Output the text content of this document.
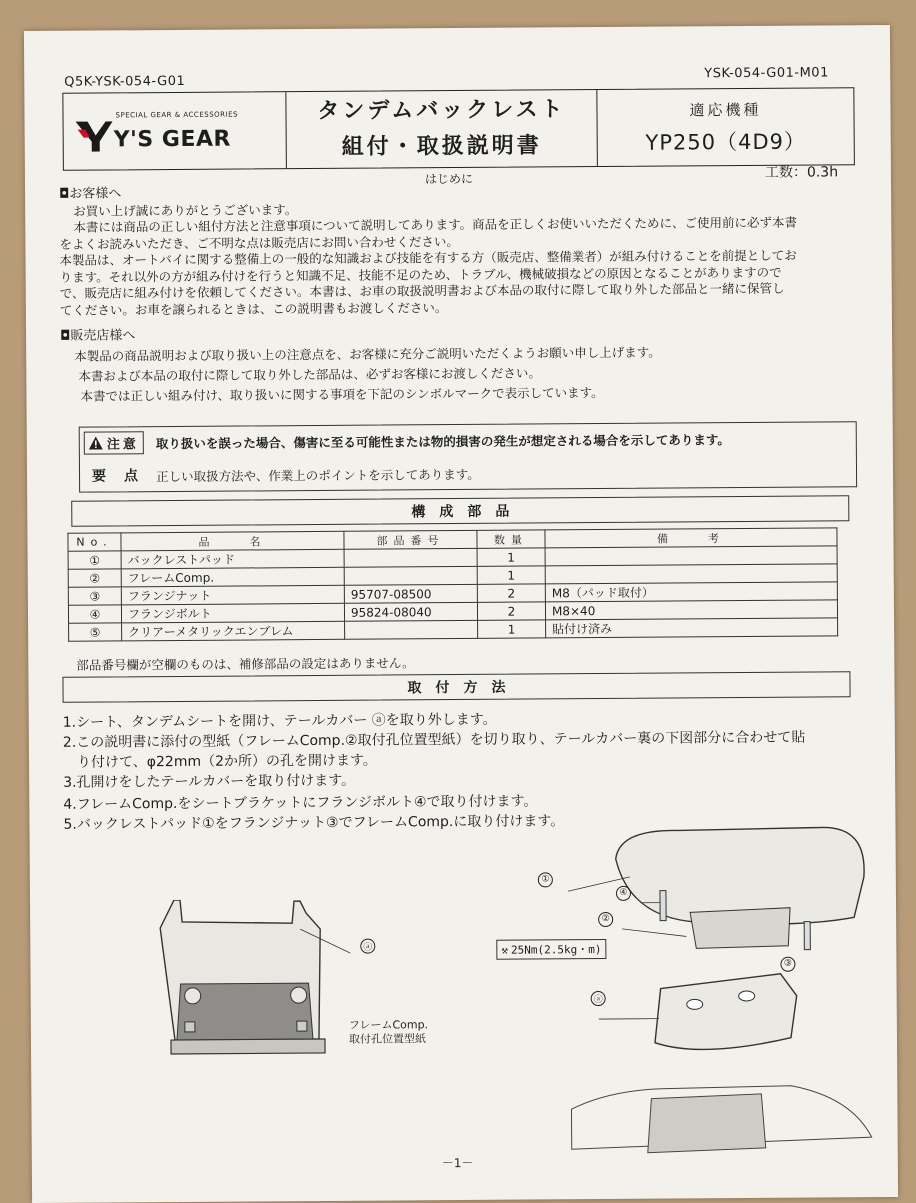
Q5K-YSK-054-G01
YSK-054-G01-M01
SPECIAL GEAR & ACCESSORIES
Y'S GEAR
タンデムバックレスト
組付・取扱説明書
適応機種
YP250（4D9）
はじめに	工数：0.3h
◘お客様へ
お買い上げ誠にありがとうございます。
本書には商品の正しい組付方法と注意事項について説明してあります。商品を正しくお使いいただくために、ご使用前に必ず本書
をよくお読みいただき、ご不明な点は販売店にお問い合わせください。
本製品は、オートバイに関する整備上の一般的な知識および技能を有する方（販売店、整備業者）が組み付けることを前提としてお
ります。それ以外の方が組み付けを行うと知識不足、技能不足のため、トラブル、機械破損などの原因となることがありますので
で、販売店に組み付けを依頼してください。本書は、お車の取扱説明書および本品の取付に際して取り外した部品と一緒に保管し
てください。お車を譲られるときは、この説明書もお渡しください。
◘販売店様へ
本製品の商品説明および取り扱い上の注意点を、お客様に充分ご説明いただくようお願い申し上げます。
本書および本品の取付に際して取り外した部品は、必ずお客様にお渡しください。
本書では正しい組み付け、取り扱いに関する事項を下記のシンボルマークで表示しています。
注意 取り扱いを誤った場合、傷害に至る可能性または物的損害の発生が想定される場合を示してあります。
要　点 正しい取扱方法や、作業上のポイントを示してあります。
構　成　部　品
No.	品　　名	部品番号	数量	備　　考
①	バックレストパッド		1	
②	フレームComp.		1	
③	フランジナット	95707-08500	2	M8（パッド取付）
④	フランジボルト	95824-08040	2	M8×40
⑤	クリアーメタリックエンブレム		1	貼付け済み
部品番号欄が空欄のものは、補修部品の設定はありません。
取　付　方　法
1.シート、タンデムシートを開け、テールカバー ⓐを取り外します。
2.この説明書に添付の型紙（フレームComp.②取付孔位置型紙）を切り取り、テールカバー裏の下図部分に合わせて貼
り付けて、φ22mm（2か所）の孔を開けます。
3.孔開けをしたテールカバーを取り付けます。
4.フレームComp.をシートブラケットにフランジボルト④で取り付けます。
5.バックレストパッド①をフランジナット③でフレームComp.に取り付けます。
ⓐ
フレームComp.
取付孔位置型紙
①
④
②
③
ⓐ
⚒ 25Nm(2.5kg・m)
－1－
